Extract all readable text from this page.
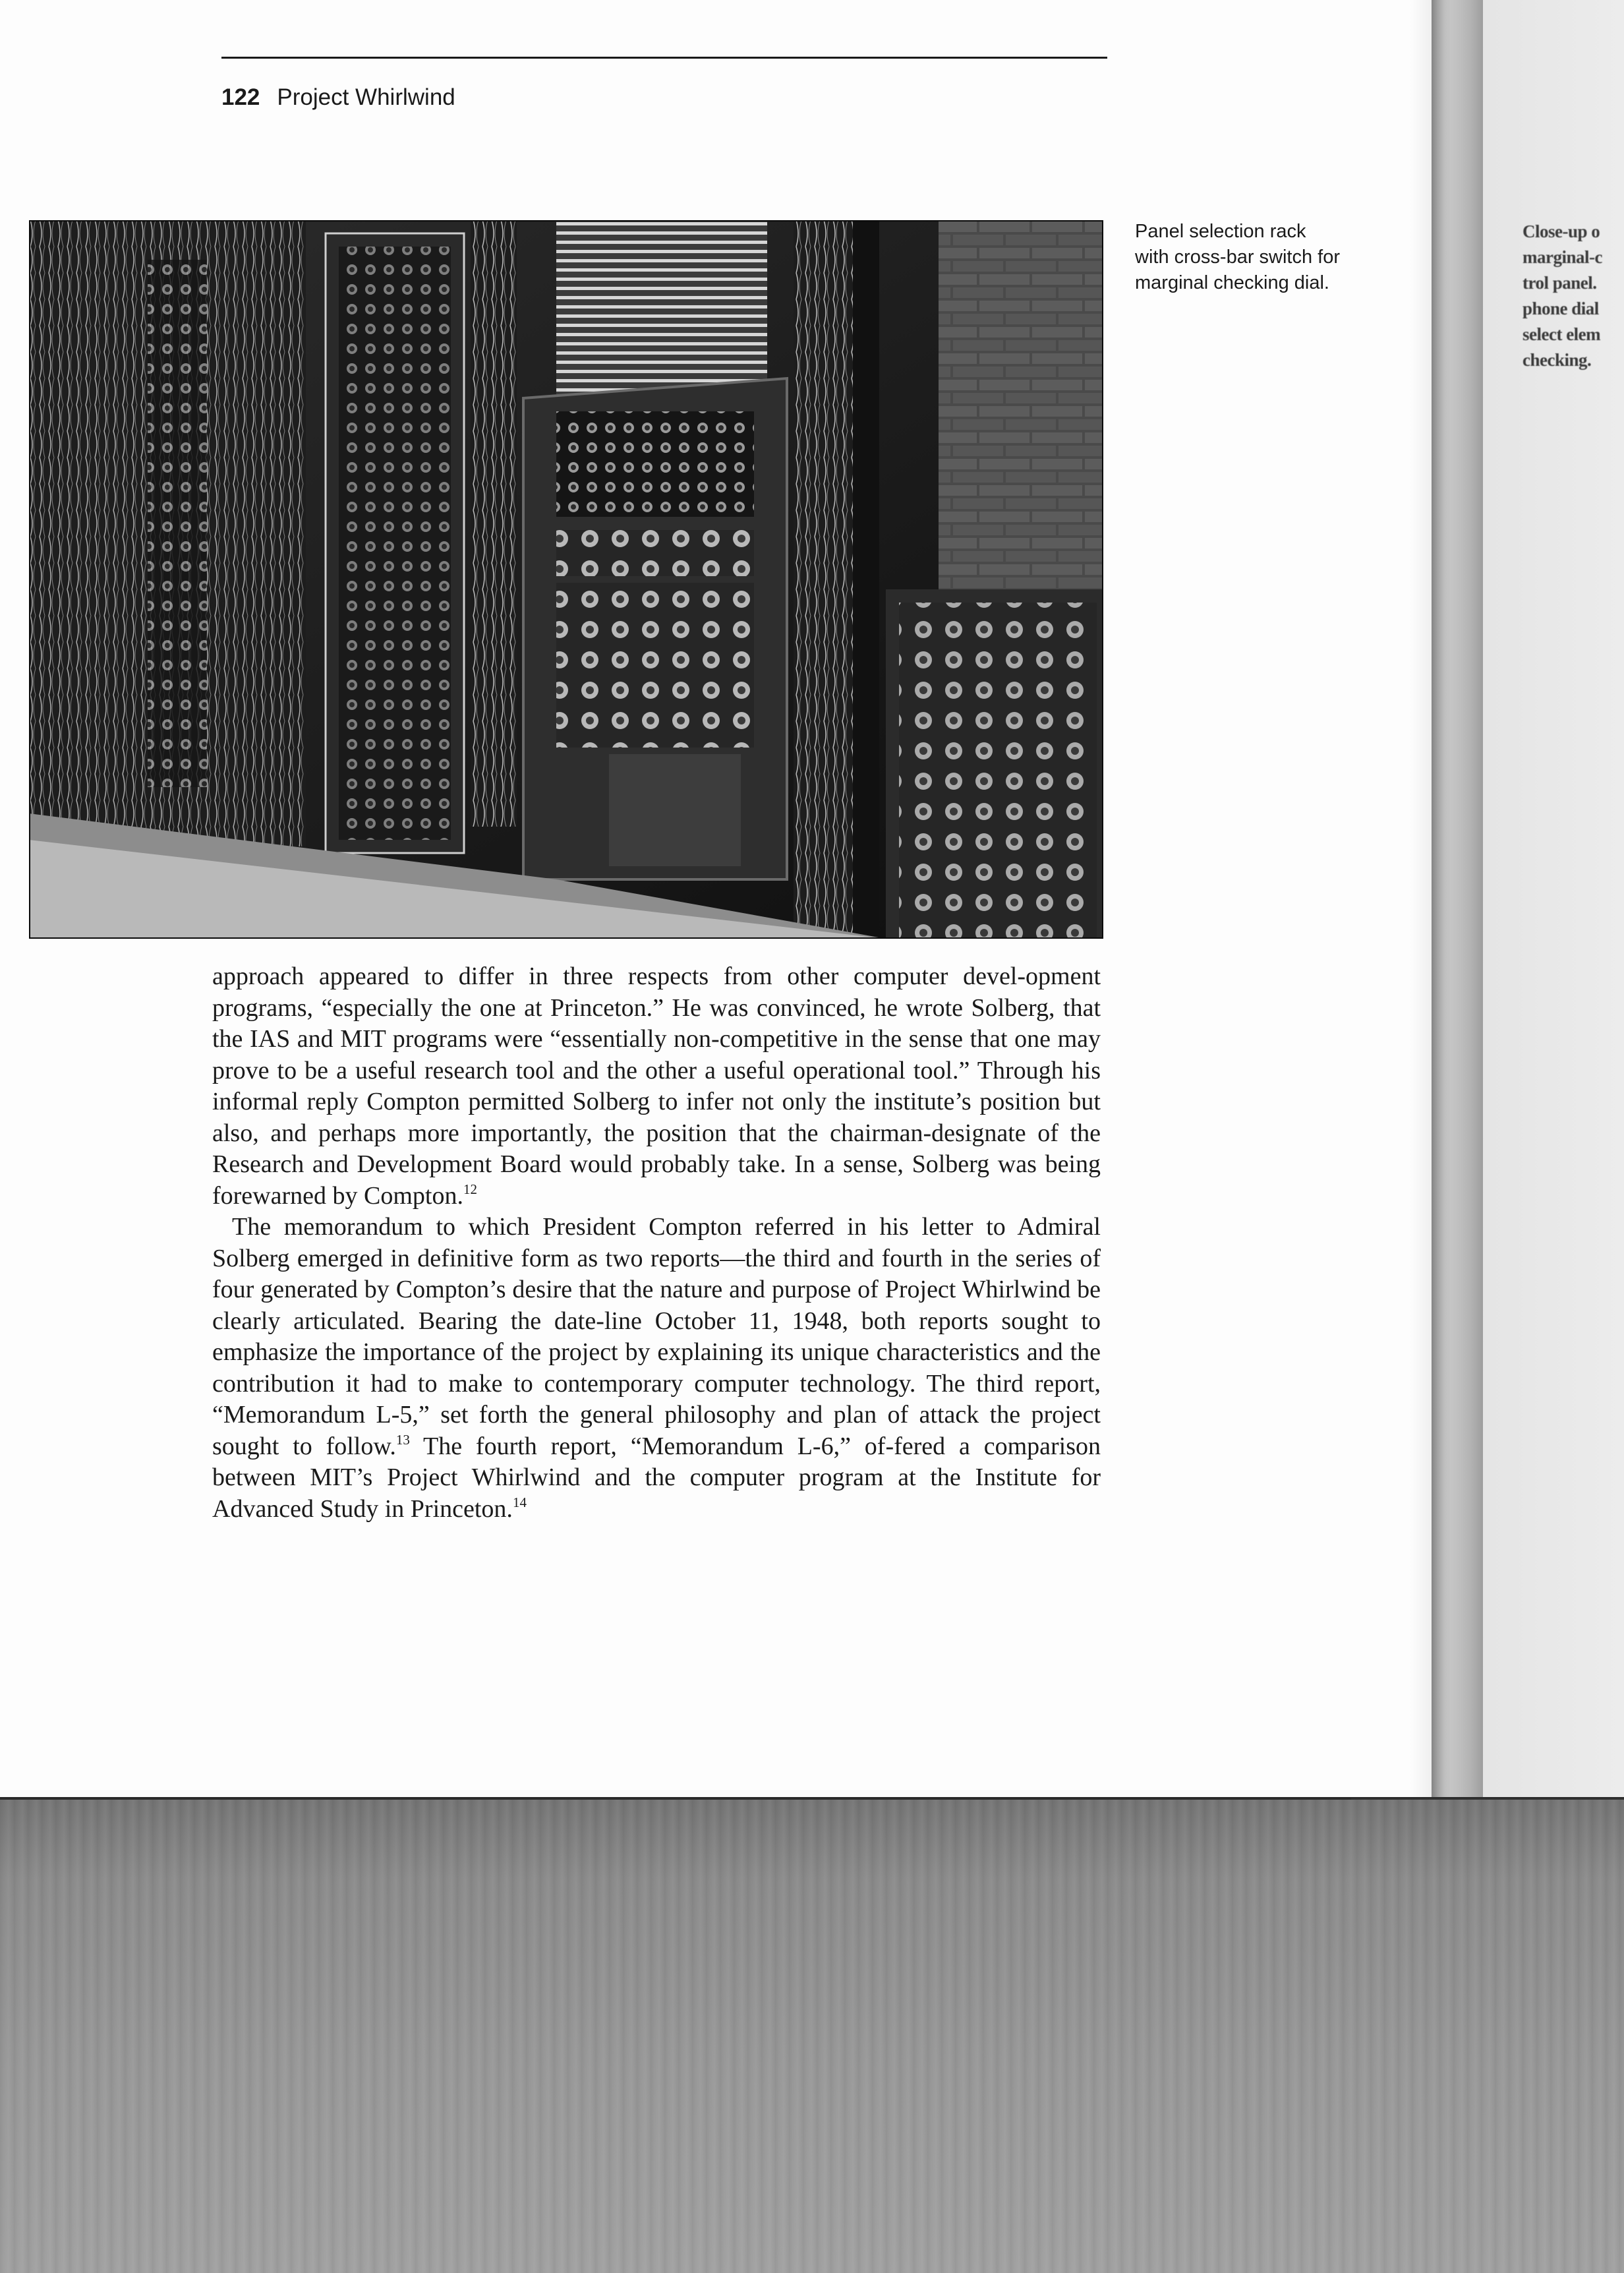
Close-up o
marginal-c
trol panel.
phone dial
select elem
checking.
122 Project Whirlwind
Panel selection rack
with cross-bar switch for
marginal checking dial.

approach appeared to differ in three respects from other computer devel-opment programs, “especially the one at Princeton.” He was convinced, he wrote Solberg, that the IAS and MIT programs were “essentially non-competitive in the sense that one may prove to be a useful research tool and the other a useful operational tool.” Through his informal reply Compton permitted Solberg to infer not only the institute’s position but also, and perhaps more importantly, the position that the chairman-designate of the Research and Development Board would probably take. In a sense, Solberg was being forewarned by Compton.$^{12}$

The memorandum to which President Compton referred in his letter to Admiral Solberg emerged in definitive form as two reports—the third and fourth in the series of four generated by Compton’s desire that the nature and purpose of Project Whirlwind be clearly articulated. Bearing the date-line October 11, 1948, both reports sought to emphasize the importance of the project by explaining its unique characteristics and the contribution it had to make to contemporary computer technology. The third report, “Memorandum L-5,” set forth the general philosophy and plan of attack the project sought to follow.$^{13}$ The fourth report, “Memorandum L-6,” of-fered a comparison between MIT’s Project Whirlwind and the computer program at the Institute for Advanced Study in Princeton.$^{14}$
